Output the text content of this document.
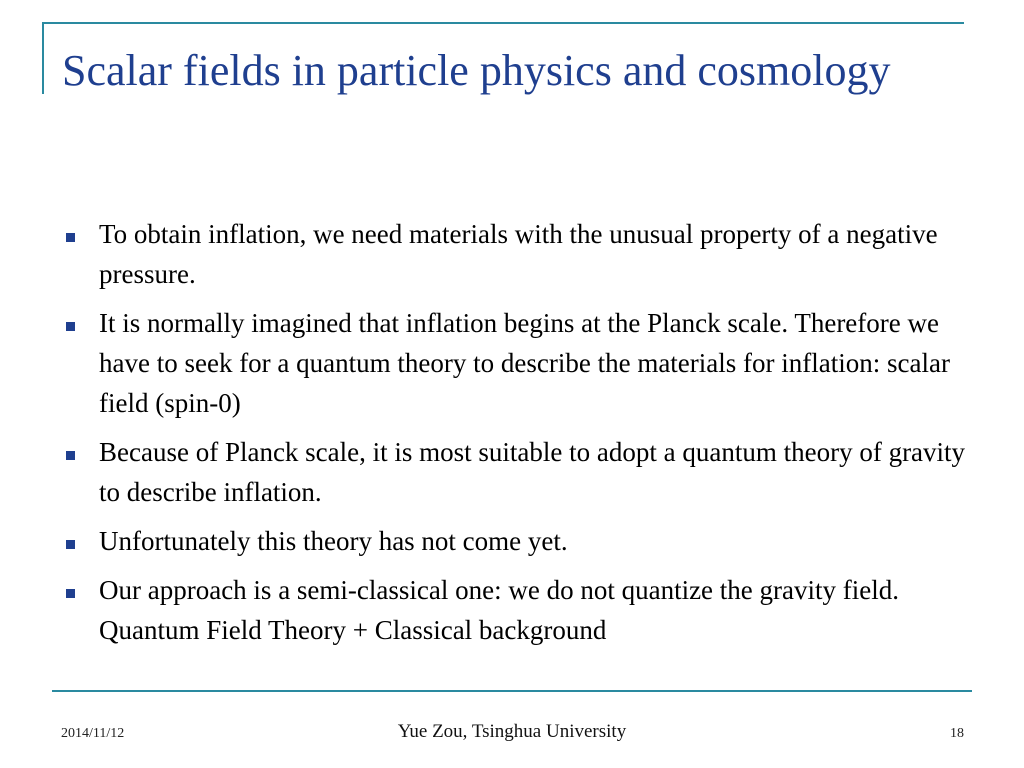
Scalar fields in particle physics and cosmology
To obtain inflation, we need materials with the unusual property of a negative pressure.
It is normally imagined that inflation begins at the Planck scale. Therefore we have to seek for a quantum theory to describe the materials for inflation: scalar field (spin-0)
Because of Planck scale, it is most suitable to adopt a quantum theory of gravity to describe inflation.
Unfortunately this theory has not come yet.
Our approach is a semi-classical one: we do not quantize the gravity field. Quantum Field Theory + Classical background
2014/11/12	Yue Zou, Tsinghua University	18
